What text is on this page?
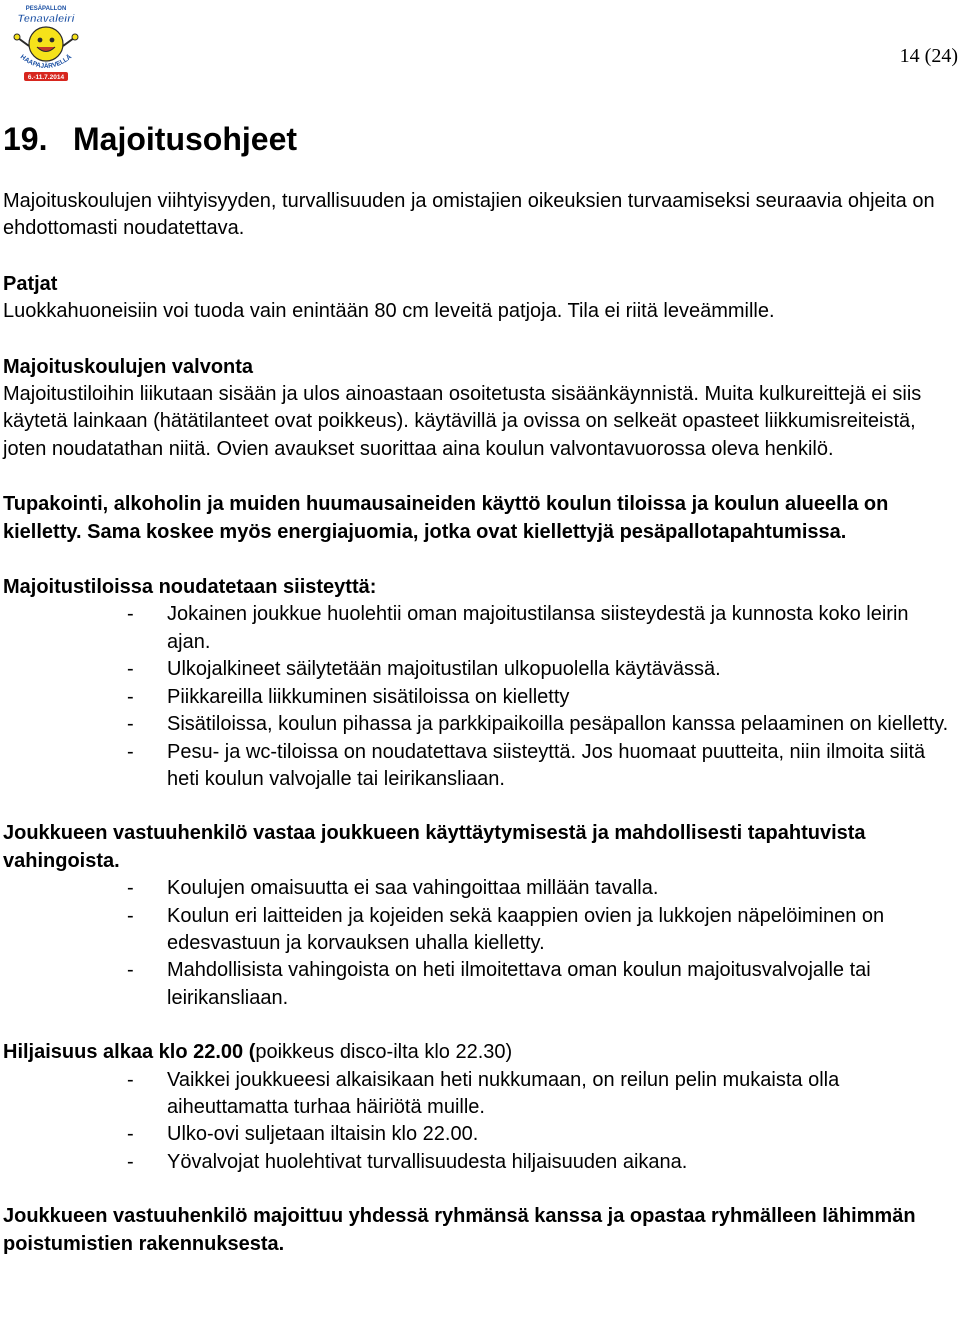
PESÄPALLON
Tenavaleiri
HAAPAJÄRVELLÄ
6.-11.7.2014
14 (24)
19. Majoitusohjeet

Majoituskoulujen viihtyisyyden, turvallisuuden ja omistajien oikeuksien turvaamiseksi seuraavia ohjeita on ehdottomasti noudatettava.

Patjat

Luokkahuoneisiin voi tuoda vain enintään 80 cm leveitä patjoja. Tila ei riitä leveämmille.

Majoituskoulujen valvonta

Majoitustiloihin liikutaan sisään ja ulos ainoastaan osoitetusta sisäänkäynnistä. Muita kulkureittejä ei siis käytetä lainkaan (hätätilanteet ovat poikkeus). käytävillä ja ovissa on selkeät opasteet liikkumisreiteistä, joten noudatathan niitä. Ovien avaukset suorittaa aina koulun valvontavuorossa oleva henkilö.

Tupakointi, alkoholin ja muiden huumausaineiden käyttö koulun tiloissa ja koulun alueella on kielletty. Sama koskee myös energiajuomia, jotka ovat kiellettyjä pesäpallotapahtumissa.

Majoitustiloissa noudatetaan siisteyttä:

- Jokainen joukkue huolehtii oman majoitustilansa siisteydestä ja kunnosta koko leirin ajan.
- Ulkojalkineet säilytetään majoitustilan ulkopuolella käytävässä.
- Piikkareilla liikkuminen sisätiloissa on kielletty
- Sisätiloissa, koulun pihassa ja parkkipaikoilla pesäpallon kanssa pelaaminen on kielletty.
- Pesu- ja wc-tiloissa on noudatettava siisteyttä. Jos huomaat puutteita, niin ilmoita siitä heti koulun valvojalle tai leirikansliaan.

Joukkueen vastuuhenkilö vastaa joukkueen käyttäytymisestä ja mahdollisesti tapahtuvista vahingoista.

- Koulujen omaisuutta ei saa vahingoittaa millään tavalla.
- Koulun eri laitteiden ja kojeiden sekä kaappien ovien ja lukkojen näpelöiminen on edesvastuun ja korvauksen uhalla kielletty.
- Mahdollisista vahingoista on heti ilmoitettava oman koulun majoitusvalvojalle tai leirikansliaan.

Hiljaisuus alkaa klo 22.00 (poikkeus disco-ilta klo 22.30)

- Vaikkei joukkueesi alkaisikaan heti nukkumaan, on reilun pelin mukaista olla aiheuttamatta turhaa häiriötä muille.
- Ulko-ovi suljetaan iltaisin klo 22.00.
- Yövalvojat huolehtivat turvallisuudesta hiljaisuuden aikana.

Joukkueen vastuuhenkilö majoittuu yhdessä ryhmänsä kanssa ja opastaa ryhmälleen lähimmän poistumistien rakennuksesta.
